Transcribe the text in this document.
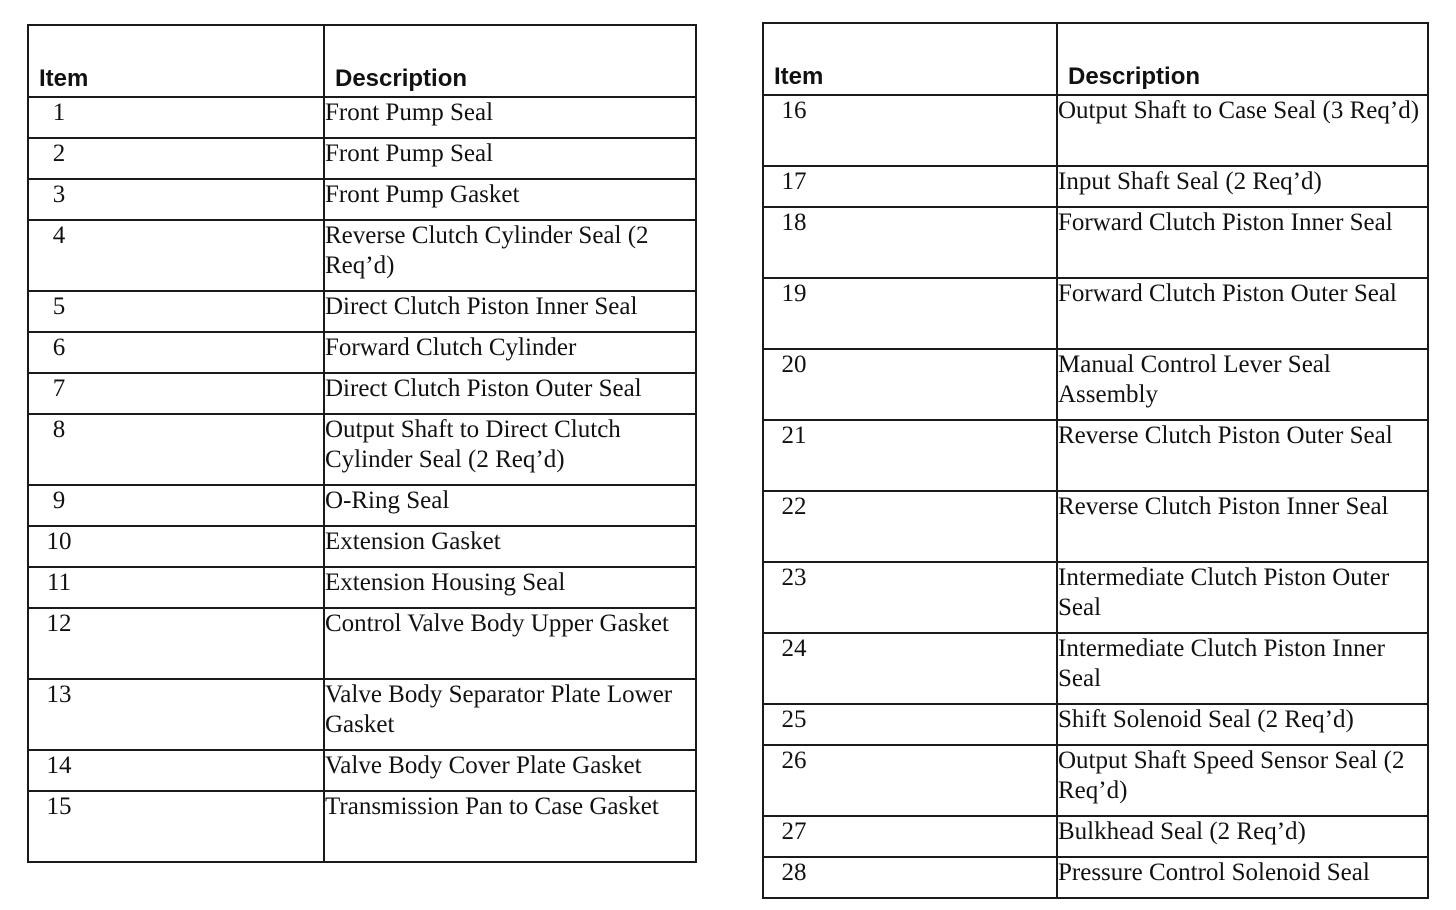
Item	Description
1	Front Pump Seal
2	Front Pump Seal
3	Front Pump Gasket
4	Reverse Clutch Cylinder Seal (2 Req’d)
5	Direct Clutch Piston Inner Seal
6	Forward Clutch Cylinder
7	Direct Clutch Piston Outer Seal
8	Output Shaft to Direct Clutch Cylinder Seal (2 Req’d)
9	O-Ring Seal
10	Extension Gasket
11	Extension Housing Seal
12	Control Valve Body Upper Gasket
13	Valve Body Separator Plate Lower Gasket
14	Valve Body Cover Plate Gasket
15	Transmission Pan to Case Gasket
Item	Description
16	Output Shaft to Case Seal (3 Req’d)
17	Input Shaft Seal (2 Req’d)
18	Forward Clutch Piston Inner Seal
19	Forward Clutch Piston Outer Seal
20	Manual Control Lever Seal Assembly
21	Reverse Clutch Piston Outer Seal
22	Reverse Clutch Piston Inner Seal
23	Intermediate Clutch Piston Outer Seal
24	Intermediate Clutch Piston Inner Seal
25	Shift Solenoid Seal (2 Req’d)
26	Output Shaft Speed Sensor Seal (2 Req’d)
27	Bulkhead Seal (2 Req’d)
28	Pressure Control Solenoid Seal
